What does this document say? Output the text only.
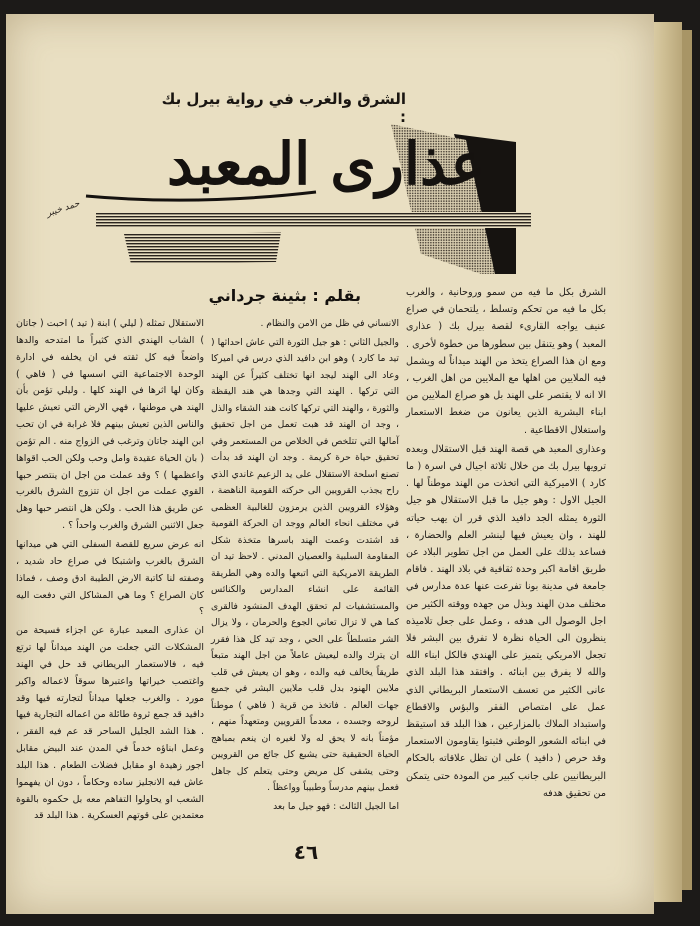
الشرق والغرب في رواية بيرل بك :
عذارى المعبد
حمد خيبر
بقلم : بثينة جرداني	الشرق بكل ما فيه من سمو وروحانية ، والغرب بكل ما فيه من تحكم وتسلط ، يلتحمان في صراع عنيف يواجه القارىء لقصة بيرل بك ( عذارى المعبد ) وهو يتنقل بين سطورها من خطوة لأخرى . ومع ان هذا الصراع يتخذ من الهند ميداناً له ويشمل فيه الملايين من اهلها مع الملايين من اهل الغرب ، الا انه لا يقتصر على الهند بل هو صراع الملايين من ابناء البشرية الذين يعانون من ضغط الاستعمار واستغلال الاقطاعية .

وعذارى المعبد هي قصة الهند قبل الاستقلال وبعده ترويها بيرل بك من خلال ثلاثة اجيال في اسرة ( ما كارد ) الاميركية التي اتخذت من الهند موطناً لها . الجيل الاول : وهو جيل ما قبل الاستقلال هو جيل الثورة يمثله الجد دافيد الذي قرر ان يهب حياته للهند ، وان يعيش فيها لينشر العلم والحضارة ، فساعد بذلك على العمل من اجل تطوير البلاد عن طريق اقامة اكبر وحدة ثقافية في بلاد الهند . فاقام جامعة في مدينة بونا تفرعت عنها عدة مدارس في مختلف مدن الهند وبذل من جهده ووقته الكثير من اجل الوصول الى هدفه ، وعمل على جعل تلاميذه ينظرون الى الحياة نظرة لا تفرق بين البشر فلا تجعل الامريكي يتميز على الهندي فالكل ابناء الله والله لا يفرق بين ابنائه . وافتقد هذا البلد الذي عانى الكثير من تعسف الاستعمار البريطاني الذي عمل على امتصاص الفقر والبؤس والاقطاع واستبداد الملاك بالمزارعين ، هذا البلد قد استيقظ في ابنائه الشعور الوطني فثبتوا يقاومون الاستعمار وقد حرص ( دافيد ) على ان تظل علاقاته بالحكام البريطانيين على جانب كبير من المودة حتى يتمكن من تحقيق هدفه

الانساني في ظل من الامن والنظام .

والجيل الثاني : هو جيل الثورة التي عاش احداثها ( تيد ما كارد ) وهو ابن دافيد الذي درس في اميركا وعاد الى الهند ليجد انها تختلف كثيراً عن الهند التي تركها . الهند التي وجدها هي هند اليقظة والثورة ، والهند التي تركها كانت هند الشقاء والذل ، وجد ان الهند قد هبت تعمل من اجل تحقيق آمالها التي تتلخص في الخلاص من المستعمر وفي تحقيق حياة حرة كريمة . وجد ان الهند قد بدأت تصنع اسلحة الاستقلال على يد الزعيم غاندي الذي راح يجذب القرويين الى حركته القومية الناهضة ، وهؤلاء القرويين الذين يرمزون للغالبية العظمى في مختلف انحاء العالم ووجد ان الحركة القومية قد اشتدت وعمت الهند باسرها متخذة شكل المقاومة السلبية والعصيان المدني . لاحظ تيد ان الطريقة الامريكية التي اتبعها والده وهي الطريقة القائمة على انشاء المدارس والكنائس والمستشفيات لم تحقق الهدف المنشود فالقرى كما هي لا تزال تعاني الجوع والحرمان ، ولا يزال الشر متسلطاً على الحي ، وجد تيد كل هذا فقرر ان يترك والده ليعيش عاملاً من اجل الهند متبعاً طريقاً يخالف فيه والده ، وهو ان يعيش في قلب ملايين الهنود بدل قلب ملايين البشر في جميع جهات العالم . فاتخذ من قرية ( فاهي ) موطناً لروحه وجسده ، معدماً القرويين ومتعهداً منهم ، مؤمناً بانه لا يحق له ولا لغيره ان ينعم بمباهج الحياة الحقيقية حتى يشبع كل جائع من القرويين وحتى يشفى كل مريض وحتى يتعلم كل جاهل فعمل بينهم مدرساً وطبيباً وواعظاً .

اما الجيل الثالث : فهو جيل ما بعد

الاستقلال تمثله ( ليلي ) ابنة ( تيد ) احبت ( جاتان ) الشاب الهندي الذي كثيراً ما امتدحه والدها واضعاً فيه كل ثقته في ان يخلفه في ادارة الوحدة الاجتماعية التي اسسها في ( فاهي ) وكان لها اثرها في الهند كلها . وليلي تؤمن بأن الهند هي موطنها ، فهي الارض التي تعيش عليها والناس الذين تعيش بينهم فلا غرابة في ان تحب ابن الهند جاتان وترغب في الزواج منه . الم تؤمن ( بان الحياة عقيدة وامل وحب ولكن الحب اقواها واعظمها ) ؟ وقد عملت من اجل ان ينتصر حبها القوي عملت من اجل ان تتزوج الشرق بالغرب عن طريق هذا الحب . ولكن هل انتصر حبها وهل جعل الاثنين الشرق والغرب واحداً ؟ .

انه عرض سريع للقصة السفلى التي هي ميدانها الشرق بالغرب واشتبكا في صراع حاد شديد ، وصفته لنا كاتبة الارض الطيبة ادق وصف ، فماذا كان الصراع ؟ وما هي المشاكل التي دفعت اليه ؟

ان عذارى المعبد عبارة عن اجزاء فسيحة من المشكلات التي جعلت من الهند ميداناً لها ترتع فيه ، فالاستعمار البريطاني قد حل في الهند واغتصب خيراتها واعتبرها سوقاً لاعماله واكبر مورد . والغرب جعلها ميداناً لتجارته فيها وقد دافيد قد جمع ثروة طائلة من اعماله التجارية فيها . هذا الشد الجليل الساحر قد عم فيه الفقر ، وعمل ابناؤه خدماً في المدن عند البيض مقابل اجور زهيدة او مقابل فضلات الطعام . هذا البلد عاش فيه الانجليز ساده وحكاماً ، دون ان يفهموا الشعب او يحاولوا التفاهم معه بل حكموه بالقوة معتمدين على قوتهم العسكرية . هذا البلد قد

٤٦
